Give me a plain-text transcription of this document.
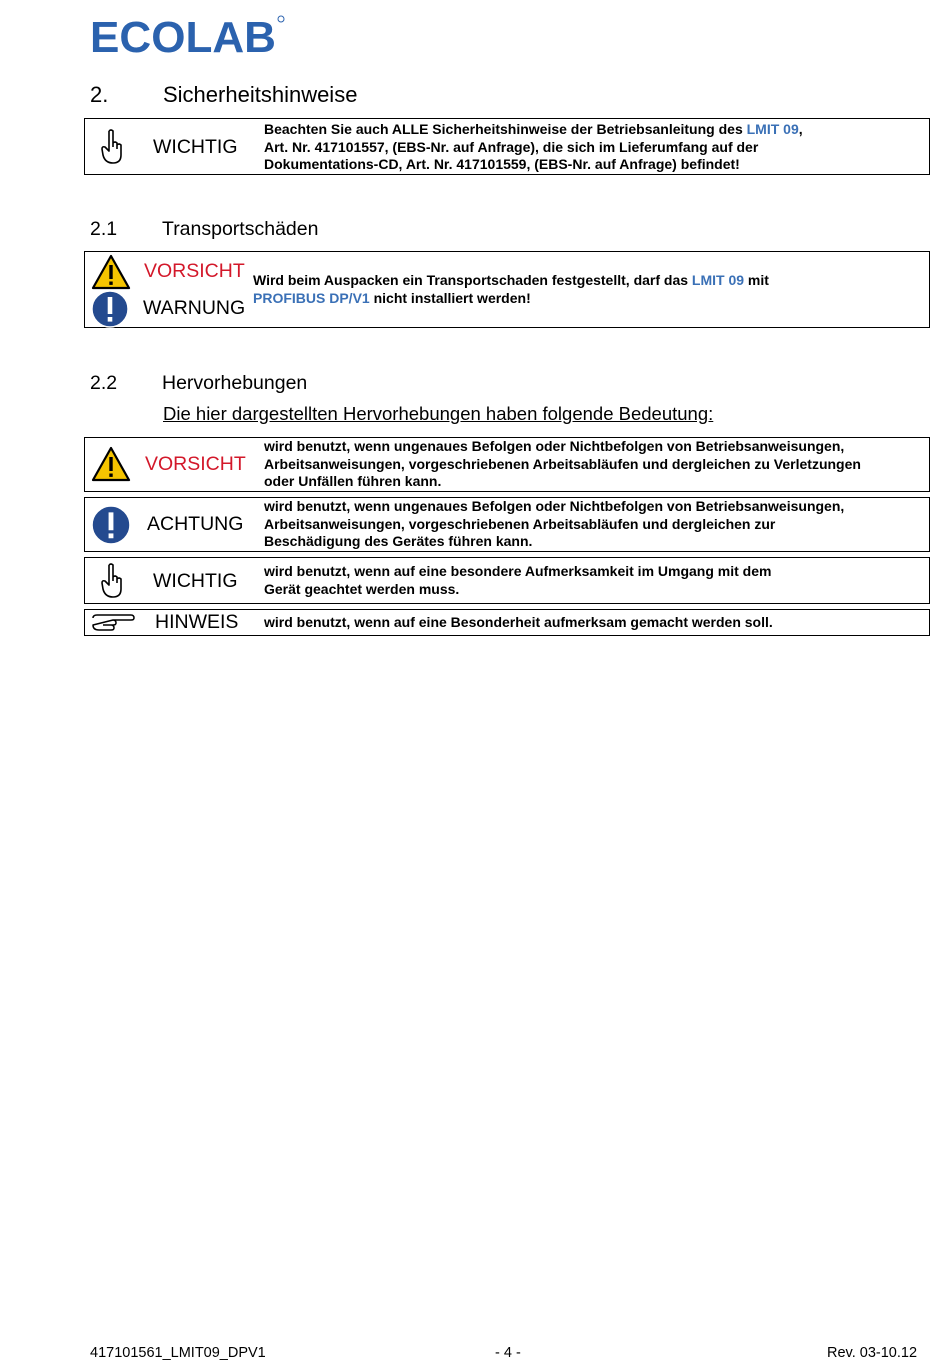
ECOLAB
2. Sicherheitshinweise
WICHTIG
Beachten Sie auch ALLE Sicherheitshinweise der Betriebsanleitung des LMIT 09,
Art. Nr. 417101557, (EBS-Nr. auf Anfrage), die sich im Lieferumfang auf der
Dokumentations-CD, Art. Nr. 417101559, (EBS-Nr. auf Anfrage) befindet!
2.1 Transportschäden
VORSICHT
WARNUNG
Wird beim Auspacken ein Transportschaden festgestellt, darf das LMIT 09 mit
PROFIBUS DP/V1 nicht installiert werden!
2.2 Hervorhebungen
Die hier dargestellten Hervorhebungen haben folgende Bedeutung:
VORSICHT
wird benutzt, wenn ungenaues Befolgen oder Nichtbefolgen von Betriebsanweisungen,
Arbeitsanweisungen, vorgeschriebenen Arbeitsabläufen und dergleichen zu Verletzungen
oder Unfällen führen kann.
ACHTUNG
wird benutzt, wenn ungenaues Befolgen oder Nichtbefolgen von Betriebsanweisungen,
Arbeitsanweisungen, vorgeschriebenen Arbeitsabläufen und dergleichen zur
Beschädigung des Gerätes führen kann.
WICHTIG wird benutzt, wenn auf eine besondere Aufmerksamkeit im Umgang mit dem
Gerät geachtet werden muss.
HINWEIS wird benutzt, wenn auf eine Besonderheit aufmerksam gemacht werden soll.
417101561_LMIT09_DPV1	- 4 -	Rev. 03-10.12
